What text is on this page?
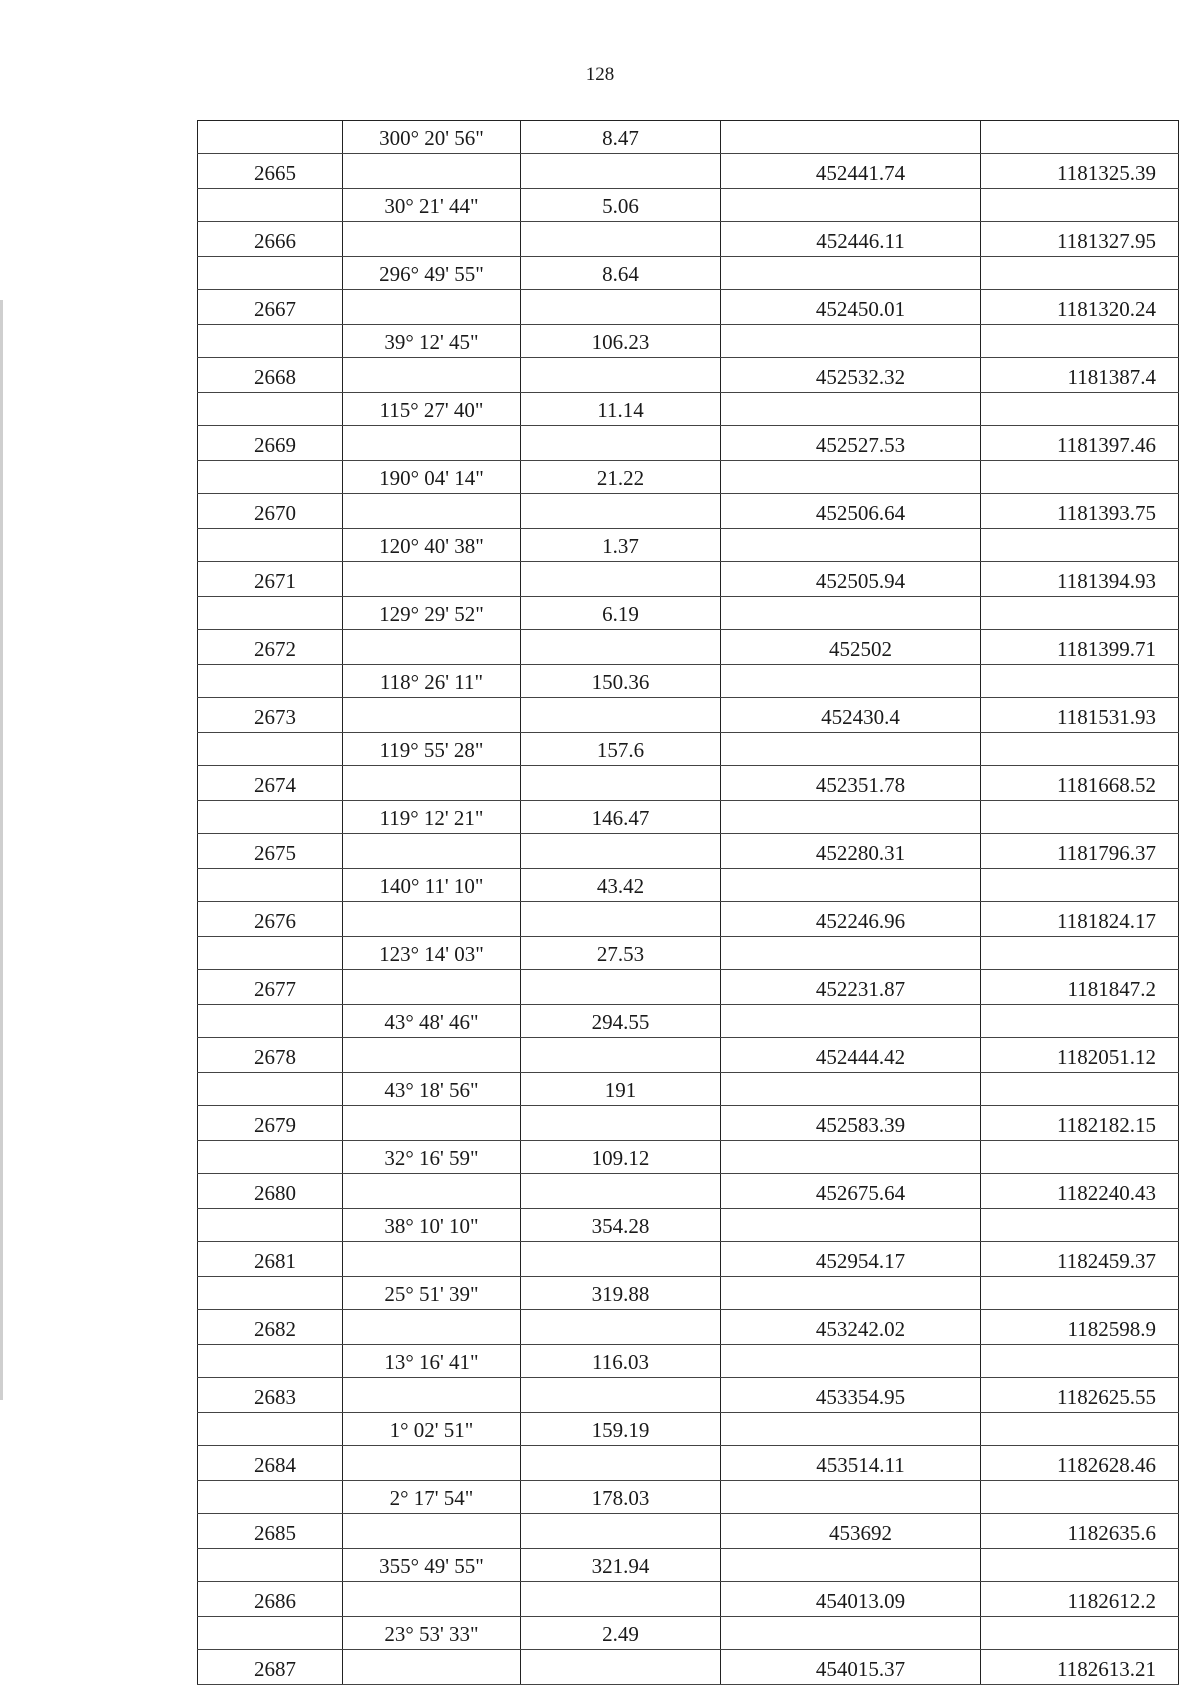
128
	300° 20' 56"	8.47		
2665			452441.74	1181325.39
	30° 21' 44"	5.06		
2666			452446.11	1181327.95
	296° 49' 55"	8.64		
2667			452450.01	1181320.24
	39° 12' 45"	106.23		
2668			452532.32	1181387.4
	115° 27' 40"	11.14		
2669			452527.53	1181397.46
	190° 04' 14"	21.22		
2670			452506.64	1181393.75
	120° 40' 38"	1.37		
2671			452505.94	1181394.93
	129° 29' 52"	6.19		
2672			452502	1181399.71
	118° 26' 11"	150.36		
2673			452430.4	1181531.93
	119° 55' 28"	157.6		
2674			452351.78	1181668.52
	119° 12' 21"	146.47		
2675			452280.31	1181796.37
	140° 11' 10"	43.42		
2676			452246.96	1181824.17
	123° 14' 03"	27.53		
2677			452231.87	1181847.2
	43° 48' 46"	294.55		
2678			452444.42	1182051.12
	43° 18' 56"	191		
2679			452583.39	1182182.15
	32° 16' 59"	109.12		
2680			452675.64	1182240.43
	38° 10' 10"	354.28		
2681			452954.17	1182459.37
	25° 51' 39"	319.88		
2682			453242.02	1182598.9
	13° 16' 41"	116.03		
2683			453354.95	1182625.55
	1° 02' 51"	159.19		
2684			453514.11	1182628.46
	2° 17' 54"	178.03		
2685			453692	1182635.6
	355° 49' 55"	321.94		
2686			454013.09	1182612.2
	23° 53' 33"	2.49		
2687			454015.37	1182613.21
